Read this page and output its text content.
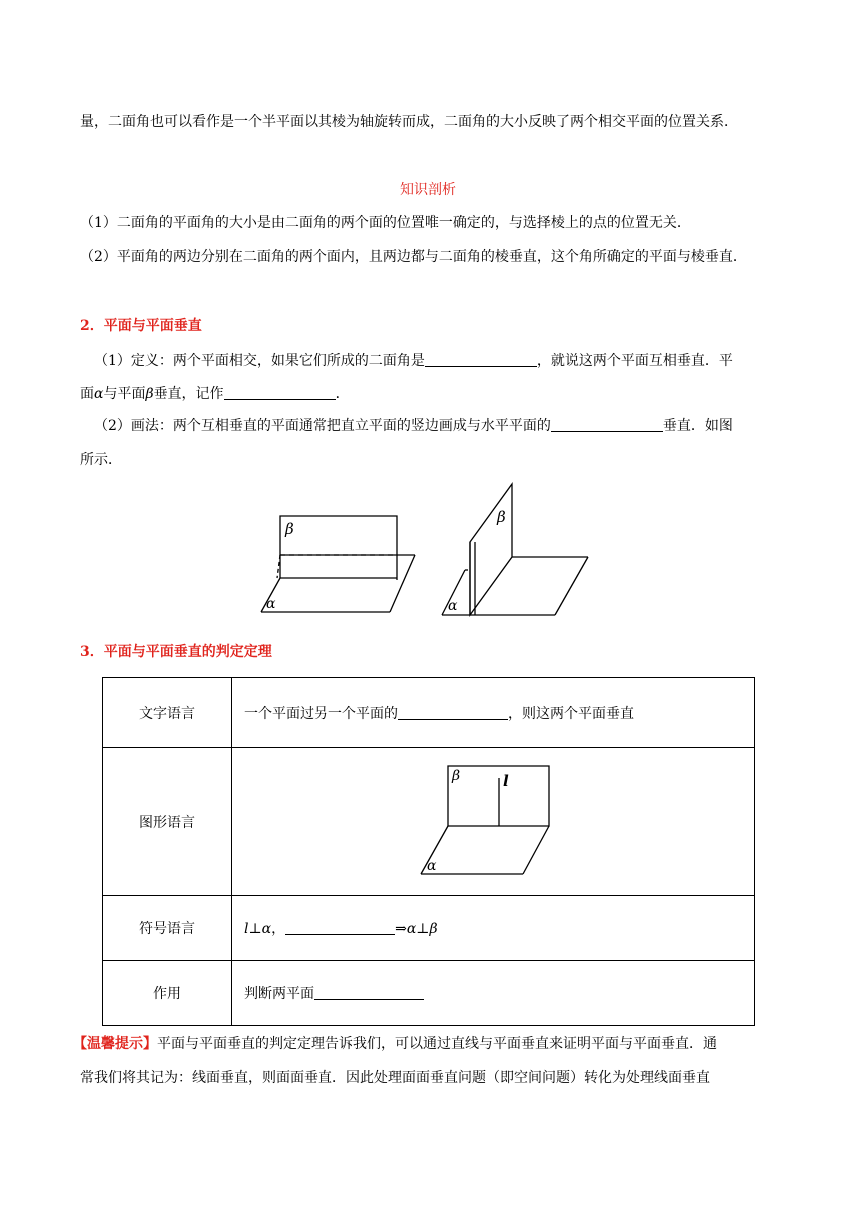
量，二面角也可以看作是一个半平面以其棱为轴旋转而成，二面角的大小反映了两个相交平面的位置关系．
知识剖析
（1）二面角的平面角的大小是由二面角的两个面的位置唯一确定的，与选择棱上的点的位置无关．
（2）平面角的两边分别在二面角的两个面内，且两边都与二面角的棱垂直，这个角所确定的平面与棱垂直．
2．平面与平面垂直
（1）定义：两个平面相交，如果它们所成的二面角是	，就说这两个平面互相垂直．平
面α与平面β垂直，记作	．
（2）画法：两个互相垂直的平面通常把直立平面的竖边画成与水平平面的	垂直．如图
所示．
β
α
β
α
3．平面与平面垂直的判定定理
文字语言	一个平面过另一个平面的 ，则这两个平面垂直
图形语言	β l
α

符号语言	l⊥α， ⇒α⊥β
作用	判断两平面
【温馨提示】平面与平面垂直的判定定理告诉我们，可以通过直线与平面垂直来证明平面与平面垂直．通
常我们将其记为：线面垂直，则面面垂直．因此处理面面垂直问题（即空间问题）转化为处理线面垂直
